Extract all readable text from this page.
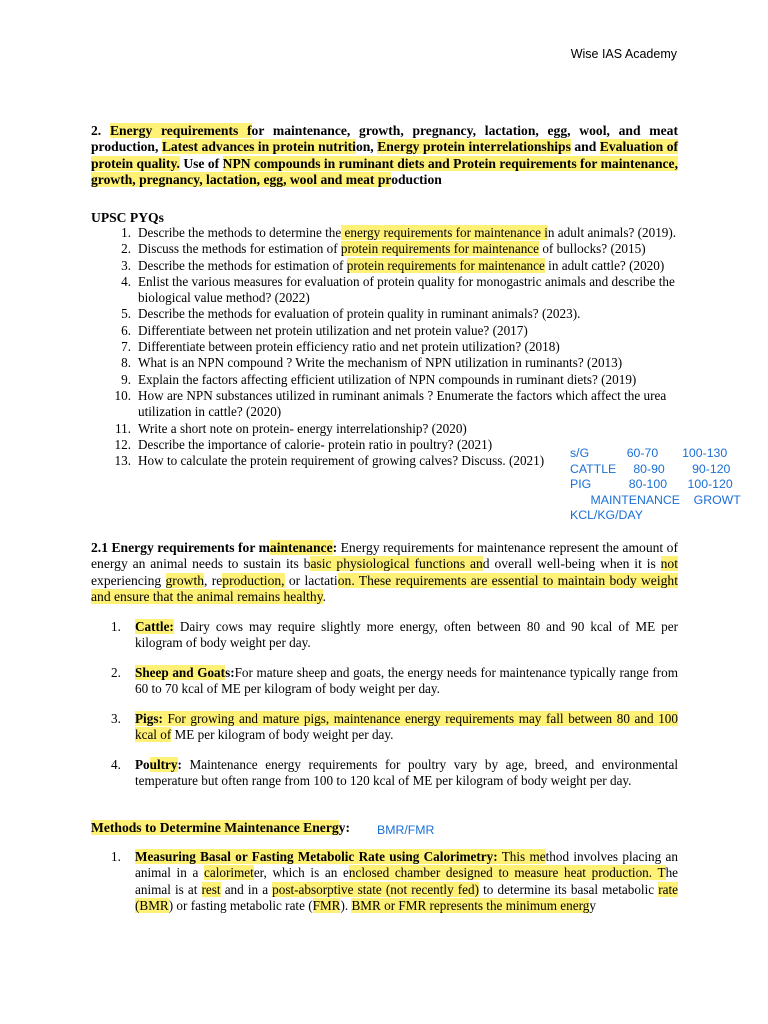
Wise IAS Academy
2. Energy requirements for maintenance, growth, pregnancy, lactation, egg, wool, and meat production, Latest advances in protein nutrition, Energy protein interrelationships and Evaluation of protein quality. Use of NPN compounds in ruminant diets and Protein requirements for maintenance, growth, pregnancy, lactation, egg, wool and meat production
UPSC PYQs
1. Describe the methods to determine the energy requirements for maintenance in adult animals? (2019).
2. Discuss the methods for estimation of protein requirements for maintenance of bullocks? (2015)
3. Describe the methods for estimation of protein requirements for maintenance in adult cattle? (2020)
4. Enlist the various measures for evaluation of protein quality for monogastric animals and describe the biological value method? (2022)
5. Describe the methods for evaluation of protein quality in ruminant animals? (2023).
6. Differentiate between net protein utilization and net protein value? (2017)
7. Differentiate between protein efficiency ratio and net protein utilization? (2018)
8. What is an NPN compound ? Write the mechanism of NPN utilization in ruminants? (2013)
9. Explain the factors affecting efficient utilization of NPN compounds in ruminant diets? (2019)
10. How are NPN substances utilized in ruminant animals ? Enumerate the factors which affect the urea utilization in cattle? (2020)
11. Write a short note on protein- energy interrelationship? (2020)
12. Describe the importance of calorie- protein ratio in poultry? (2021)
13. How to calculate the protein requirement of growing calves? Discuss. (2021)
s/G           60-70       100-130
CATTLE     80-90        90-120
PIG           80-100      100-120
MAINTENANCE    GROWT
KCL/KG/DAY
2.1 Energy requirements for maintenance: Energy requirements for maintenance represent the amount of energy an animal needs to sustain its basic physiological functions and overall well-being when it is not experiencing growth, reproduction, or lactation. These requirements are essential to maintain body weight and ensure that the animal remains healthy.
1. Cattle: Dairy cows may require slightly more energy, often between 80 and 90 kcal of ME per kilogram of body weight per day.
2. Sheep and Goats:For mature sheep and goats, the energy needs for maintenance typically range from 60 to 70 kcal of ME per kilogram of body weight per day.
3. Pigs: For growing and mature pigs, maintenance energy requirements may fall between 80 and 100 kcal of ME per kilogram of body weight per day.
4. Poultry: Maintenance energy requirements for poultry vary by age, breed, and environmental temperature but often range from 100 to 120 kcal of ME per kilogram of body weight per day.
Methods to Determine Maintenance Energy:	BMR/FMR
1. Measuring Basal or Fasting Metabolic Rate using Calorimetry: This method involves placing an animal in a calorimeter, which is an enclosed chamber designed to measure heat production. The animal is at rest and in a post-absorptive state (not recently fed) to determine its basal metabolic rate (BMR) or fasting metabolic rate (FMR). BMR or FMR represents the minimum energy
